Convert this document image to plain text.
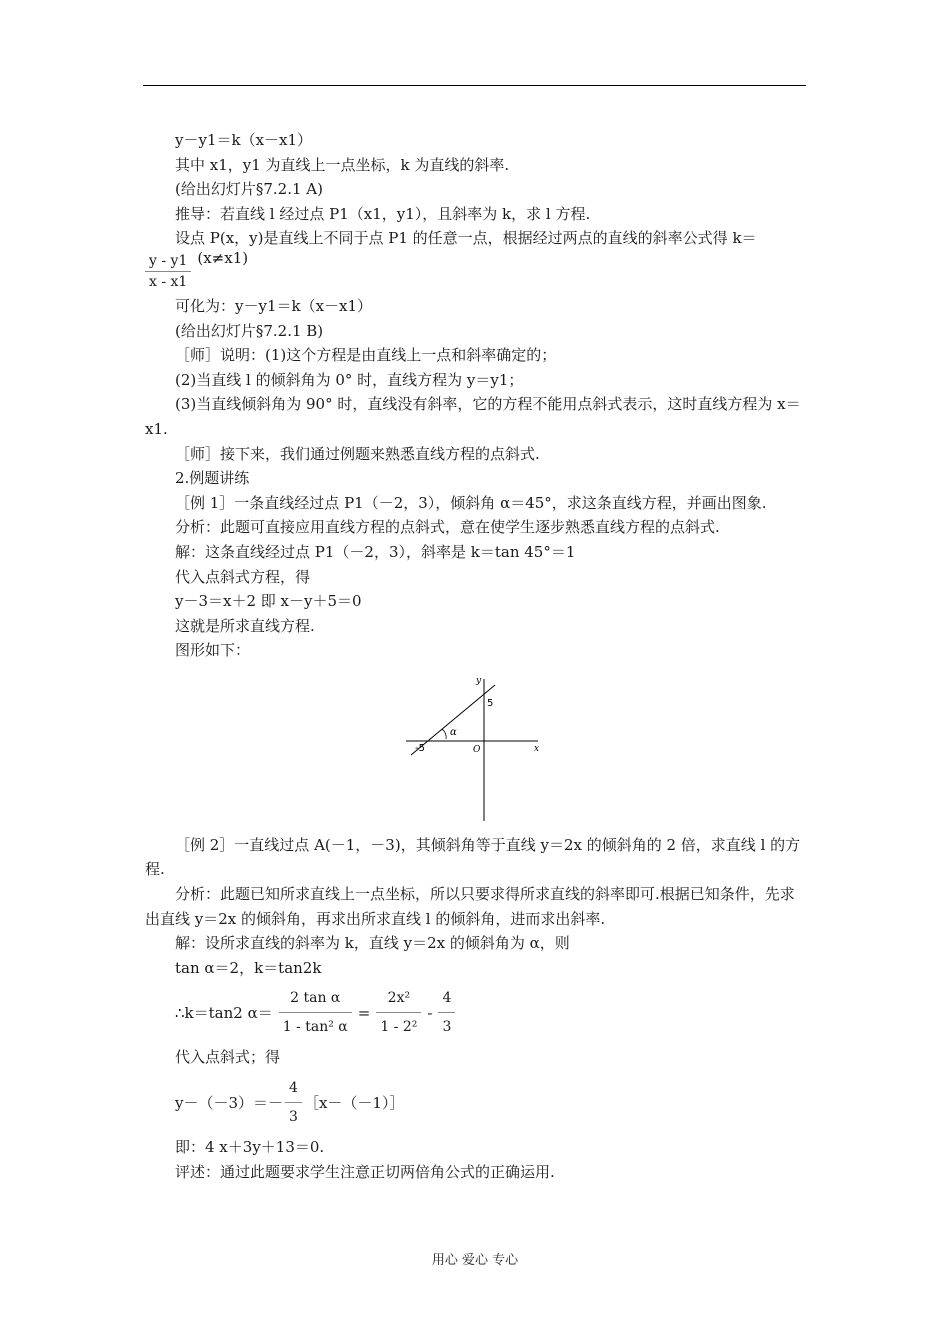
y－y1＝k（x－x1）
其中 x1，y1 为直线上一点坐标，k 为直线的斜率.
(给出幻灯片§7.2.1 A)
推导：若直线 l 经过点 P1（x1，y1），且斜率为 k，求 l 方程.
设点 P(x，y)是直线上不同于点 P1 的任意一点，根据经过两点的直线的斜率公式得 k＝
$\frac{y - y1}{x - x1} (x\ne x1)$
可化为：y－y1＝k（x－x1）
(给出幻灯片§7.2.1 B)
［师］说明：(1)这个方程是由直线上一点和斜率确定的；
(2)当直线 l 的倾斜角为 0° 时，直线方程为 y＝y1；
(3)当直线倾斜角为 90° 时，直线没有斜率，它的方程不能用点斜式表示，这时直线方程为 x＝x1.
［师］接下来，我们通过例题来熟悉直线方程的点斜式.
2.例题讲练
［例 1］一条直线经过点 P1（－2，3），倾斜角 α＝45°，求这条直线方程，并画出图象.
分析：此题可直接应用直线方程的点斜式，意在使学生逐步熟悉直线方程的点斜式.
解：这条直线经过点 P1（－2，3），斜率是 k＝tan 45°＝1
代入点斜式方程，得
y－3＝x＋2 即 x－y＋5＝0
这就是所求直线方程.
图形如下：
y
x
5
-5	O
α
［例 2］一直线过点 A(－1，－3)，其倾斜角等于直线 y＝2x 的倾斜角的 2 倍，求直线 l 的方程.
分析：此题已知所求直线上一点坐标，所以只要求得所求直线的斜率即可.根据已知条件，先求出直线 y＝2x 的倾斜角，再求出所求直线 l 的倾斜角，进而求出斜率.
解：设所求直线的斜率为 k，直线 y＝2x 的倾斜角为 α，则
tan α＝2，k＝tan2k
∴k＝tan2 $\alpha= \frac{\text{2 tan α}}{\text{1 - tan² α}} = \frac{\text{2x²}}{\text{1 - 2²}} - \frac{4}{3}$
代入点斜式；得
$y-(-3)=- \frac{4}{3}$ ［x－（－1）］
即：4 x＋3y＋13＝0.
评述：通过此题要求学生注意正切两倍角公式的正确运用.
用心 爱心 专心
